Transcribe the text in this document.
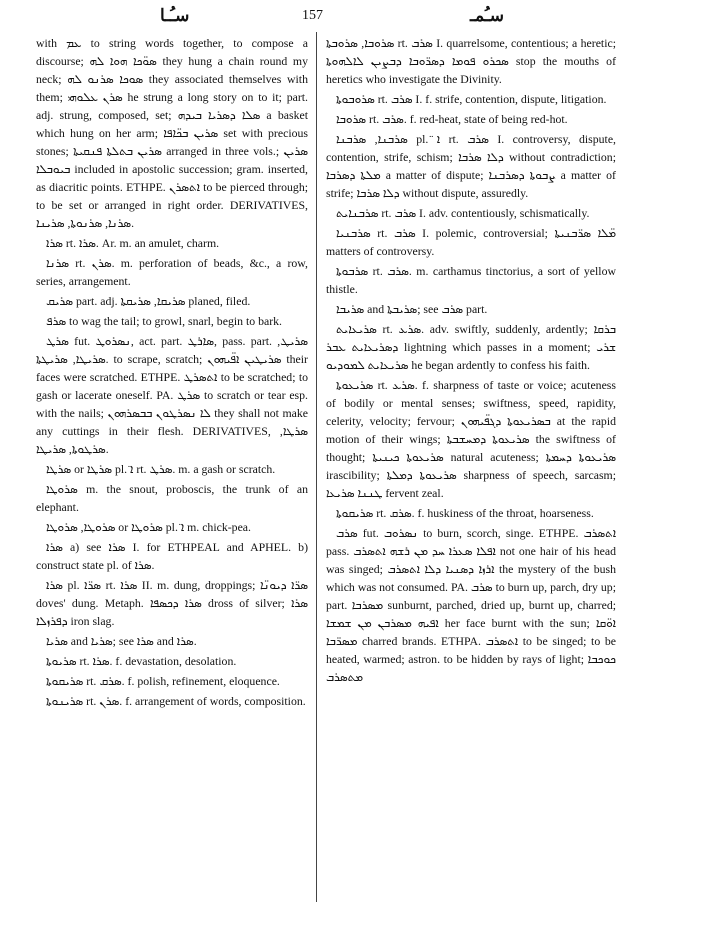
سـُـا	157	سـُمـ

with ܥܡ to string words together, to compose a discourse; ܣܘ̈ܟܐ ܗܘܐ ܠܗ they hung a chain round my neck; ܣܘܟܐ ܣܪܢܘ ܠܗ they associated themselves with them; ܣܪܢ ܥܠܘܗܝ he strung a long story on to it; part. adj. strung, composed, set; ܣܠܐ ܕܣܪܝܐ ܒܝܕܗ a basket which hung on her arm; ܣܪܝܢ ܒܟ̈ܐܦܐ set with precious stones; ܣܪܝܢ ܒܬܠܬܐ ܦܢܩܝܬܐ arranged in three vols.; ܣܪܝܢ ܒܝܘܒܠܐ included in apostolic succession; gram. inserted, as diacritic points. ETHPE. ܐܬܣܪܢ to be pierced through; to be set or arranged in right order. DERIVATIVES, ܣܪܢܐ, ܣܪܢܘܬܐ, ܣܪܝܢܐ.

ܣܪܐ rt. ܣܪܐ. Ar. m. an amulet, charm.

ܣܪܢܐ rt. ܣܪܢ. m. perforation of beads, &c., a row, series, arrangement.

ܣܪܝܩ part. adj. ܣܪܝܩܐ, ܣܪܝܩܬܐ planed, filed.

ܣܪܦ to wag the tail; to growl, snarl, begin to bark.

ܣܪܛ fut. ܢܣܪܘܛ, act. part. ܣܐܪܛ, pass. part. ܣܪܝܛ, ܣܪܝܛܐ, ܣܪܝܛܬܐ. to scrape, scratch; ܣܪܝܛܝܢ ܐܦ̈ܝܗܘܢ their faces were scratched. ETHPE. ܐܬܣܪܛ to be scratched; to gash or lacerate oneself. PA. ܣܪܛ to scratch or tear esp. with the nails; ܠܐ ܢܣܪܛܘܢ ܒܒܣܪܗܘܢ they shall not make any cuttings in their flesh. DERIVATIVES, ܣܪܛܐ, ܣܪܛܘܬܐ, ܣܪܝܛܐ.

ܣܪܛܐ or ܣܪܛܐ pl. ̈ܐ rt. ܣܪܛ. m. a gash or scratch.

ܣܪܘܛܐ m. the snout, proboscis, the trunk of an elephant.

ܣܪܘܛܐ, ܣܪܘܛܐ or ܣܪܘܛܐ pl. ̈ܐ m. chick-pea.

ܣܪܐ a) see ܣܪܐ I. for ETHPEAL and APHEL. b) construct state pl. of ܣܪܐ.

ܣܪܐ pl. ܣܪ̈ܐ rt. ܣܪܐ II. m. dung, droppings; ܣܪ̈ܐ ܕܝܘܢ̈ܐ doves' dung. Metaph. ܣܪܐ ܕܟܣܦܐ dross of silver; ܣܪܐ ܕܦܪܙܠܐ iron slag.

ܣܪܝܐ and ܣܪܝܐ; see ܣܪܐ and ܣܪܐ.

ܣܪܝܘܬܐ rt. ܣܪܐ. f. devastation, desolation.

ܣܪܝܩܘܬܐ rt. ܣܪܩ. f. polish, refinement, eloquence.

ܣܪܝܢܘܬܐ rt. ܣܪܢ. f. arrangement of words, composition.

ܣܪܘܒܐ, ܣܪܘܒܬܐ rt. ܣܪܒ I. quarrelsome, contentious; a heretic; ܣܟܪܘ ܦܘܡܐ ܕܣܪ̈ܘܒܐ ܕܒܨܝܢ ܠܐܠܗܘܬܐ stop the mouths of heretics who investigate the Divinity.

ܣܪܘܒܘܬܐ rt. ܣܪܒ I. f. strife, contention, dispute, litigation.

ܣܪܘܒܐ rt. ܣܪܒ. f. red-heat, state of being red-hot.

ܣܪܒܢܐ, ܣܪܒܢܐ pl. ̈ܐ rt. ܣܪܒ I. controversy, dispute, contention, strife, schism; ܕܠܐ ܣܪܒܐ without contradiction; ܡܠܬܐ ܕܣܪܒܐ a matter of dispute; ܨܒܘܬܐ ܕܣܪܒܢܐ a matter of strife; ܕܠܐ ܣܪܒܐ without dispute, assuredly.

ܣܪܒܢܐܝܬ rt. ܣܪܒ I. adv. contentiously, schismatically.

ܣܪܒܢܝܐ rt. ܣܪܒ I. polemic, controversial; ܡ̈ܠܐ ܣܪ̈ܒܢܝܬܐ matters of controversy.

ܣܪܒܘܬܐ rt. ܣܪܒ. m. carthamus tinctorius, a sort of yellow thistle.

ܣܪܝܒܐ and ܣܪܝܒܬܐ; see ܣܪܒ part.

ܣܪܝܥܐܝܬ rt. ܣܪܥ. adv. swiftly, suddenly, ardently; ܒܪܩܐ ܕܣܪܝܥܐܝܬ ܥܒܪ lightning which passes in a moment; ܫܪܝ ܣܪܝܥܐܝܬ ܠܡܘܕܝܘ he began ardently to confess his faith.

ܣܪܝܥܘܬܐ rt. ܣܪܥ. f. sharpness of taste or voice; acuteness of bodily or mental senses; swiftness, speed, rapidity, celerity, velocity; fervour; ܒܣܪܝܥܘܬܐ ܕܓܦ̈ܝܗܘܢ at the rapid motion of their wings; ܣܪܝܥܘܬܐ ܕܡܚܫܒܬܐ the swiftness of thought; ܣܪܝܥܘܬܐ ܟܝܢܝܬܐ natural acuteness; ܣܪܝܥܘܬܐ ܕܚܡܬܐ irascibility; ܣܪܝܥܘܬܐ ܕܡܠܬܐ sharpness of speech, sarcasm; ܛܢܢܐ ܣܪܝܥܐ fervent zeal.

ܣܪܝܩܘܬܐ rt. ܣܪܩ. f. huskiness of the throat, hoarseness.

ܣܪܒ fut. ܢܣܪܘܒ to burn, scorch, singe. ETHPE. ܐܬܣܪܒ pass. ܐܦܠܐ ܣܥܪܐ ܚܕ ܡܢ ܪܫܗ ܐܬܣܪܒ not one hair of his head was singed; ܐܪܙܐ ܕܣܢܝܐ ܕܠܐ ܐܬܣܪܒ the mystery of the bush which was not consumed. PA. ܣܪܒ to burn up, parch, dry up; part. ܡܣܪܒܐ sunburnt, parched, dried up, burnt up, charred; ܐܦܝܗ ܡܣܪܒܢ ܡܢ ܫܡܫܐ her face burnt with the sun; ܐܘ̈ܩܐ ܡܣܪ̈ܒܐ charred brands. ETHPA. ܐܬܣܪܒ to be singed; to be heated, warmed; astron. to be hidden by rays of light; ܟܘܟܒܐ ܡܬܣܪܒ
